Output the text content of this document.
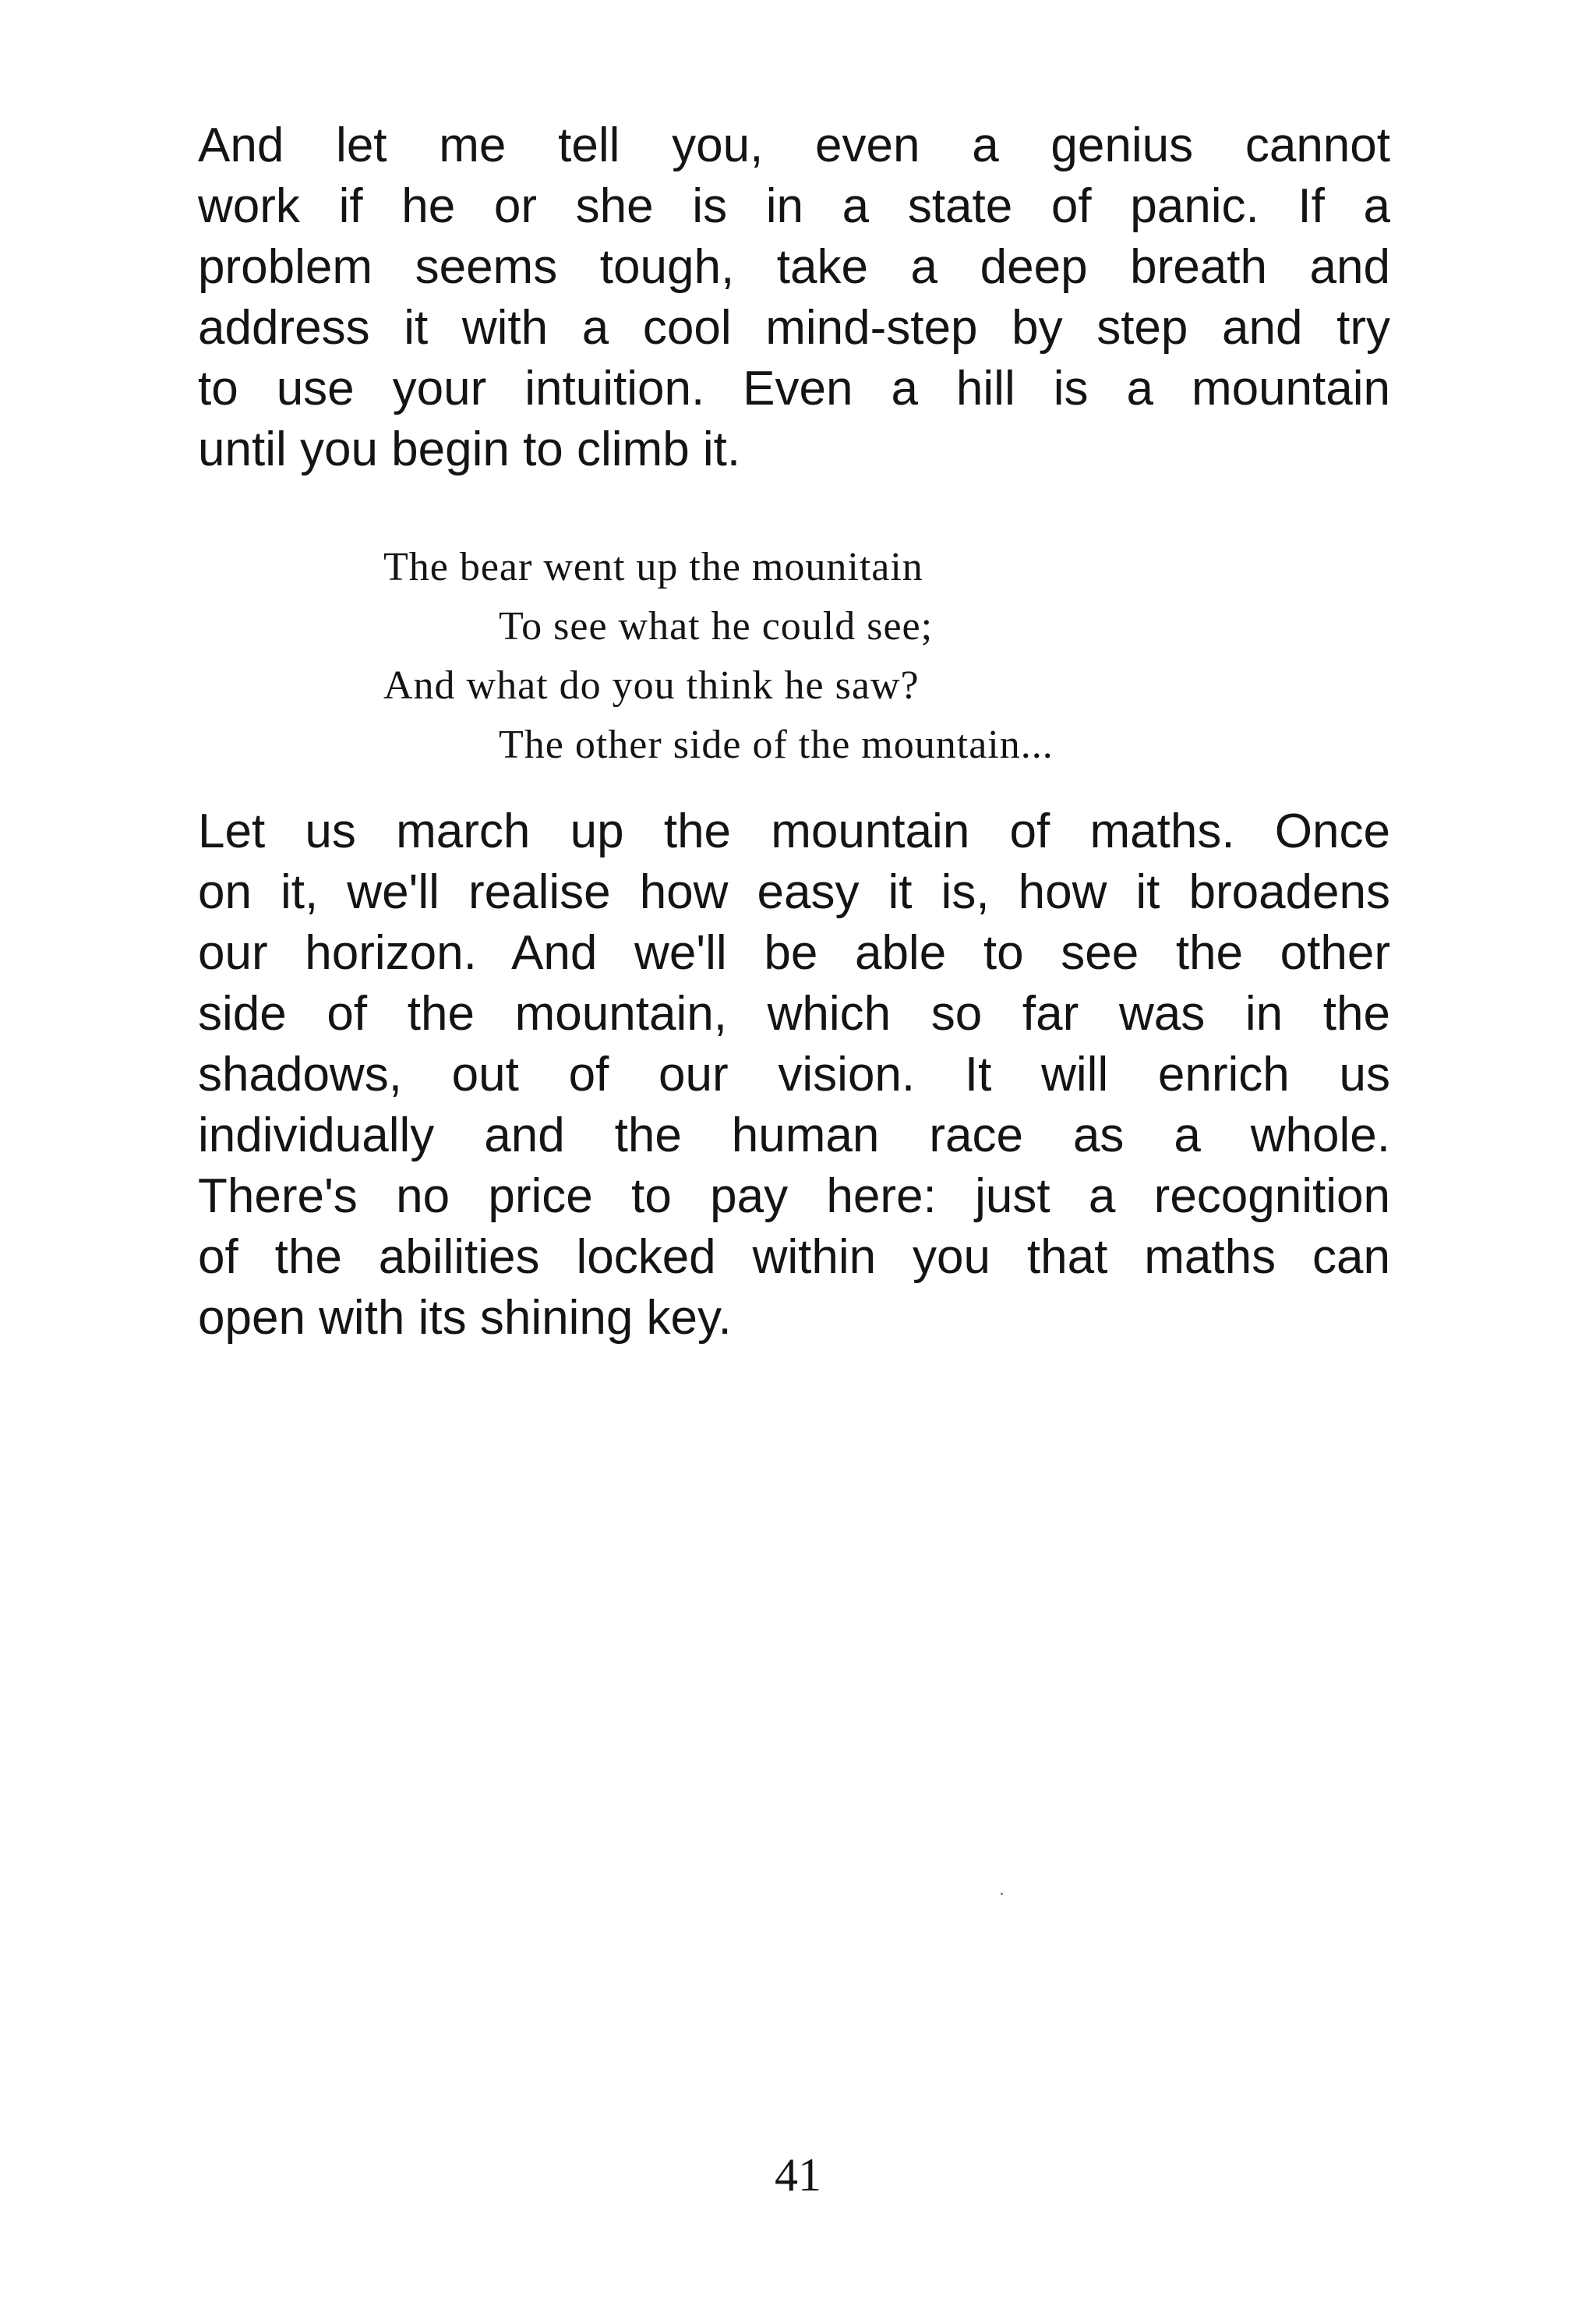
And let me tell you, even a genius cannot
work if he or she is in a state of panic. If a
problem seems tough, take a deep breath and
address it with a cool mind-step by step and try
to use your intuition. Even a hill is a mountain
until you begin to climb it.
The bear went up the mounitain
To see what he could see;
And what do you think he saw?
The other side of the mountain...
Let us march up the mountain of maths. Once
on it, we'll realise how easy it is, how it broadens
our horizon. And we'll be able to see the other
side of the mountain, which so far was in the
shadows, out of our vision. It will enrich us
individually and the human race as a whole.
There's no price to pay here: just a recognition
of the abilities locked within you that maths can
open with its shining key.
41
